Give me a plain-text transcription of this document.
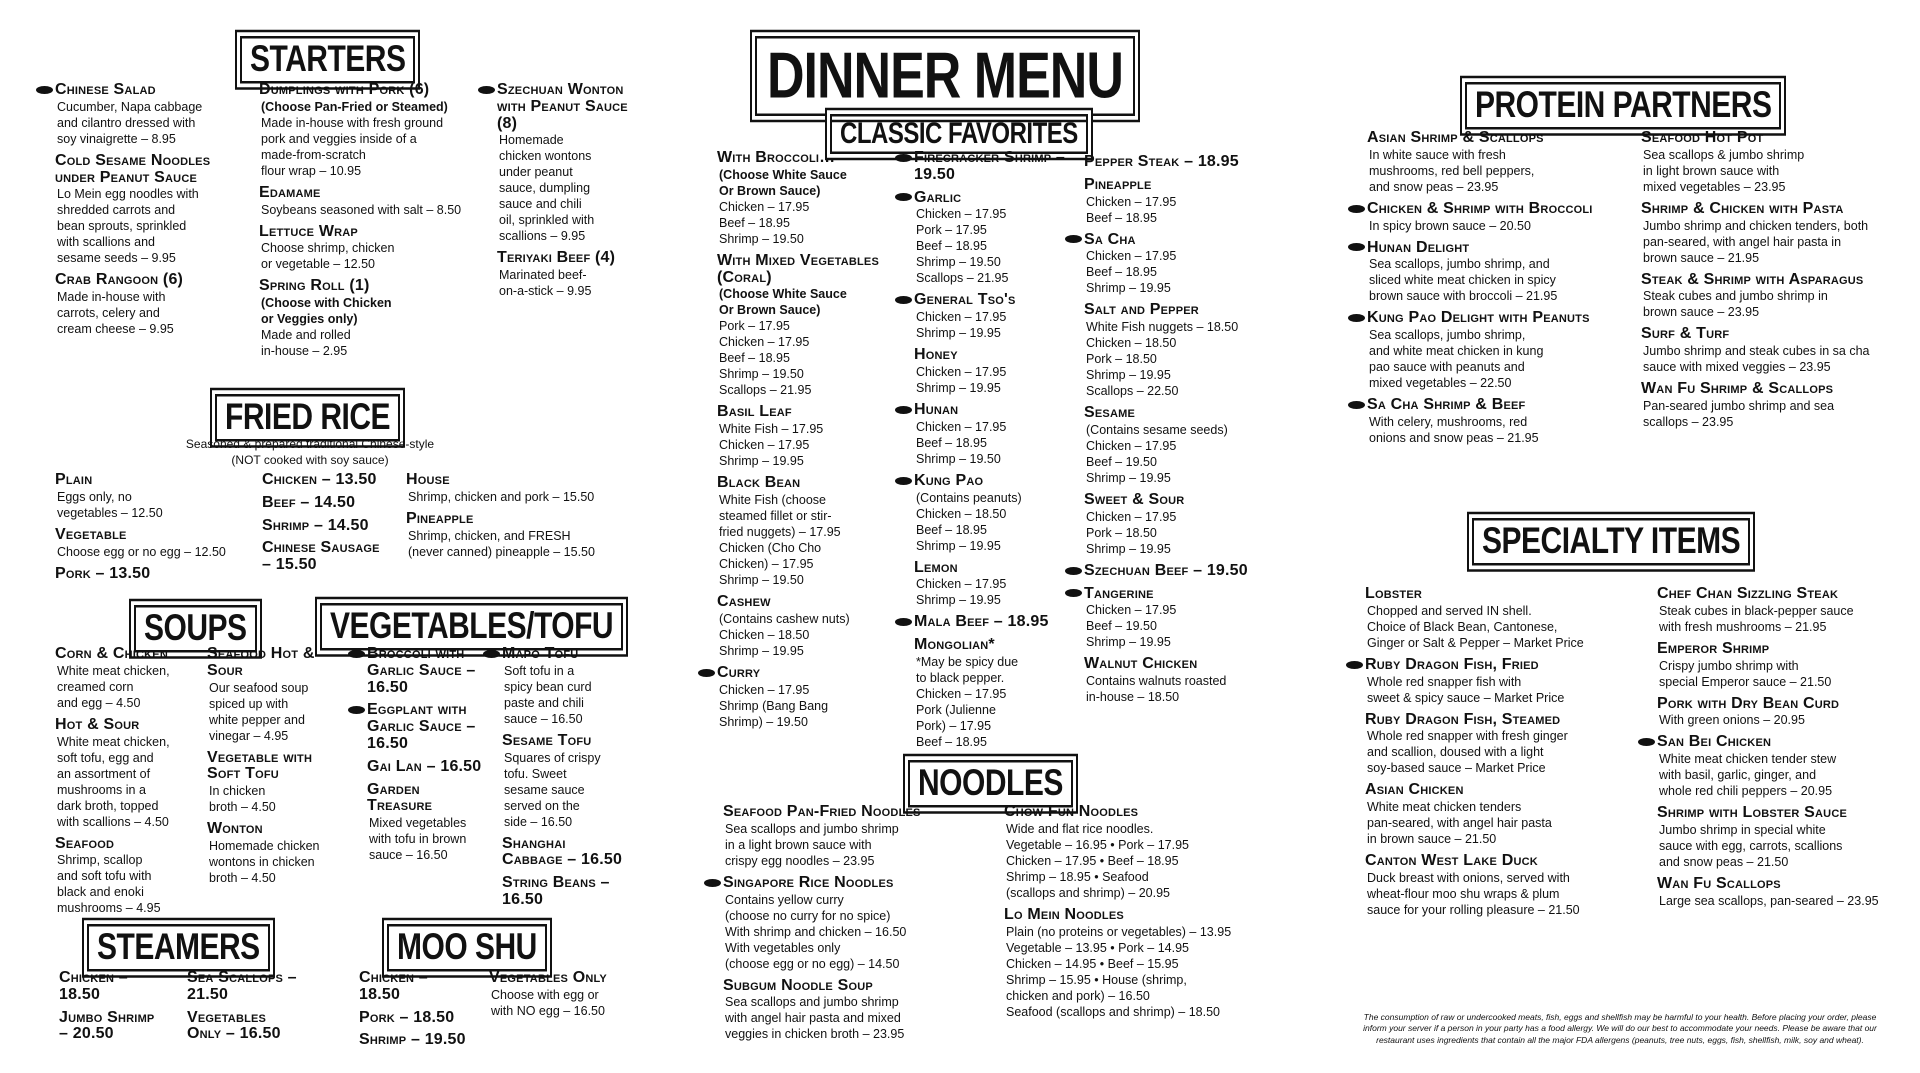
STARTERS	DINNER MENU
CLASSIC FAVORITES
PROTEIN PARTNERS
FRIED RICE
SOUPS	VEGETABLES/TOFU
SPECIALTY ITEMS
NOODLES
STEAMERS	MOO SHU
Chinese Salad
Cucumber, Napa cabbage
and cilantro dressed with
soy vinaigrette – 8.95
Cold Sesame Noodles under Peanut Sauce
Lo Mein egg noodles with
shredded carrots and
bean sprouts, sprinkled
with scallions and
sesame seeds – 9.95
Crab Rangoon (6)
Made in-house with
carrots, celery and
cream cheese – 9.95
Dumplings with Pork (6)
(Choose Pan-Fried or Steamed)
Made in-house with fresh ground
pork and veggies inside of a
made-from-scratch
flour wrap – 10.95
Edamame
Soybeans seasoned with salt – 8.50
Lettuce Wrap
Choose shrimp, chicken
or vegetable – 12.50
Spring Roll (1)
(Choose with Chicken
or Veggies only)
Made and rolled
in-house – 2.95
Szechuan Wonton with Peanut Sauce (8)
Homemade
chicken wontons
under peanut
sauce, dumpling
sauce and chili
oil, sprinkled with
scallions – 9.95
Teriyaki Beef (4)
Marinated beef-
on-a-stick – 9.95
Seasoned & prepared traditional Chinese-style
(NOT cooked with soy sauce)
Plain
Eggs only, no
vegetables – 12.50
Vegetable
Choose egg or no egg – 12.50
Pork – 13.50
Chicken – 13.50
Beef – 14.50
Shrimp – 14.50
Chinese Sausage – 15.50
House
Shrimp, chicken and pork – 15.50
Pineapple
Shrimp, chicken, and FRESH
(never canned) pineapple – 15.50
Corn & Chicken
White meat chicken,
creamed corn
and egg – 4.50
Hot & Sour
White meat chicken,
soft tofu, egg and
an assortment of
mushrooms in a
dark broth, topped
with scallions – 4.50
Seafood
Shrimp, scallop
and soft tofu with
black and enoki
mushrooms – 4.95
Seafood Hot & Sour
Our seafood soup
spiced up with
white pepper and
vinegar – 4.95
Vegetable with Soft Tofu
In chicken
broth – 4.50
Wonton
Homemade chicken
wontons in chicken
broth – 4.50
Broccoli with Garlic Sauce – 16.50
Eggplant with Garlic Sauce – 16.50
Gai Lan – 16.50
Garden Treasure
Mixed vegetables
with tofu in brown
sauce – 16.50
Mapo Tofu
Soft tofu in a
spicy bean curd
paste and chili
sauce – 16.50
Sesame Tofu
Squares of crispy
tofu. Sweet
sesame sauce
served on the
side – 16.50
Shanghai Cabbage – 16.50
String Beans – 16.50
Chicken – 18.50
Jumbo Shrimp – 20.50
Sea Scallops – 21.50
Vegetables Only – 16.50
Chicken – 18.50
Pork – 18.50
Shrimp – 19.50
Vegetables Only
Choose with egg or
with NO egg – 16.50
With Broccoli…
(Choose White Sauce
Or Brown Sauce)
Chicken – 17.95
Beef – 18.95
Shrimp – 19.50
With Mixed Vegetables (Coral)
(Choose White Sauce
Or Brown Sauce)
Pork – 17.95
Chicken – 17.95
Beef – 18.95
Shrimp – 19.50
Scallops – 21.95
Basil Leaf
White Fish – 17.95
Chicken – 17.95
Shrimp – 19.95
Black Bean
White Fish (choose
steamed fillet or stir-
fried nuggets) – 17.95
Chicken (Cho Cho
Chicken) – 17.95
Shrimp – 19.50
Cashew
(Contains cashew nuts)
Chicken – 18.50
Shrimp – 19.95
Curry
Chicken – 17.95
Shrimp (Bang Bang
Shrimp) – 19.50
Firecracker Shrimp – 19.50
Garlic
Chicken – 17.95
Pork – 17.95
Beef – 18.95
Shrimp – 19.50
Scallops – 21.95
General Tso's
Chicken – 17.95
Shrimp – 19.95
Honey
Chicken – 17.95
Shrimp – 19.95
Hunan
Chicken – 17.95
Beef – 18.95
Shrimp – 19.50
Kung Pao
(Contains peanuts)
Chicken – 18.50
Beef – 18.95
Shrimp – 19.95
Lemon
Chicken – 17.95
Shrimp – 19.95
Mala Beef – 18.95
Mongolian*
*May be spicy due
to black pepper.
Chicken – 17.95
Pork (Julienne
Pork) – 17.95
Beef – 18.95
Pepper Steak – 18.95
Pineapple
Chicken – 17.95
Beef – 18.95
Sa Cha
Chicken – 17.95
Beef – 18.95
Shrimp – 19.95
Salt and Pepper
White Fish nuggets – 18.50
Chicken – 18.50
Pork – 18.50
Shrimp – 19.95
Scallops – 22.50
Sesame
(Contains sesame seeds)
Chicken – 17.95
Beef – 19.50
Shrimp – 19.95
Sweet & Sour
Chicken – 17.95
Pork – 18.50
Shrimp – 19.95
Szechuan Beef – 19.50
Tangerine
Chicken – 17.95
Beef – 19.50
Shrimp – 19.95
Walnut Chicken
Contains walnuts roasted
in-house – 18.50
Seafood Pan-Fried Noodles
Sea scallops and jumbo shrimp
in a light brown sauce with
crispy egg noodles – 23.95
Singapore Rice Noodles
Contains yellow curry
(choose no curry for no spice)
With shrimp and chicken – 16.50
With vegetables only
(choose egg or no egg) – 14.50
Subgum Noodle Soup
Sea scallops and jumbo shrimp
with angel hair pasta and mixed
veggies in chicken broth – 23.95
Chow Fun Noodles
Wide and flat rice noodles.
Vegetable – 16.95 • Pork – 17.95
Chicken – 17.95 • Beef – 18.95
Shrimp – 18.95 • Seafood
(scallops and shrimp) – 20.95
Lo Mein Noodles
Plain (no proteins or vegetables) – 13.95
Vegetable – 13.95 • Pork – 14.95
Chicken – 14.95 • Beef – 15.95
Shrimp – 15.95 • House (shrimp,
chicken and pork) – 16.50
Seafood (scallops and shrimp) – 18.50
Asian Shrimp & Scallops
In white sauce with fresh
mushrooms, red bell peppers,
and snow peas – 23.95
Chicken & Shrimp with Broccoli
In spicy brown sauce – 20.50
Hunan Delight
Sea scallops, jumbo shrimp, and
sliced white meat chicken in spicy
brown sauce with broccoli – 21.95
Kung Pao Delight with Peanuts
Sea scallops, jumbo shrimp,
and white meat chicken in kung
pao sauce with peanuts and
mixed vegetables – 22.50
Sa Cha Shrimp & Beef
With celery, mushrooms, red
onions and snow peas – 21.95
Seafood Hot Pot
Sea scallops & jumbo shrimp
in light brown sauce with
mixed vegetables – 23.95
Shrimp & Chicken with Pasta
Jumbo shrimp and chicken tenders, both
pan-seared, with angel hair pasta in
brown sauce – 21.95
Steak & Shrimp with Asparagus
Steak cubes and jumbo shrimp in
brown sauce – 23.95
Surf & Turf
Jumbo shrimp and steak cubes in sa cha
sauce with mixed veggies – 23.95
Wan Fu Shrimp & Scallops
Pan-seared jumbo shrimp and sea
scallops – 23.95
Lobster
Chopped and served IN shell.
Choice of Black Bean, Cantonese,
Ginger or Salt & Pepper – Market Price
Ruby Dragon Fish, Fried
Whole red snapper fish with
sweet & spicy sauce – Market Price
Ruby Dragon Fish, Steamed
Whole red snapper with fresh ginger
and scallion, doused with a light
soy-based sauce – Market Price
Asian Chicken
White meat chicken tenders
pan-seared, with angel hair pasta
in brown sauce – 21.50
Canton West Lake Duck
Duck breast with onions, served with
wheat-flour moo shu wraps & plum
sauce for your rolling pleasure – 21.50
Chef Chan Sizzling Steak
Steak cubes in black-pepper sauce
with fresh mushrooms – 21.95
Emperor Shrimp
Crispy jumbo shrimp with
special Emperor sauce – 21.50
Pork with Dry Bean Curd
With green onions – 20.95
San Bei Chicken
White meat chicken tender stew
with basil, garlic, ginger, and
whole red chili peppers – 20.95
Shrimp with Lobster Sauce
Jumbo shrimp in special white
sauce with egg, carrots, scallions
and snow peas – 21.50
Wan Fu Scallops
Large sea scallops, pan-seared – 23.95
The consumption of raw or undercooked meats, fish, eggs and shellfish may be harmful to your health. Before placing your order, please
inform your server if a person in your party has a food allergy. We will do our best to accommodate your needs. Please be aware that our
restaurant uses ingredients that contain all the major FDA allergens (peanuts, tree nuts, eggs, fish, shellfish, milk, soy and wheat).
